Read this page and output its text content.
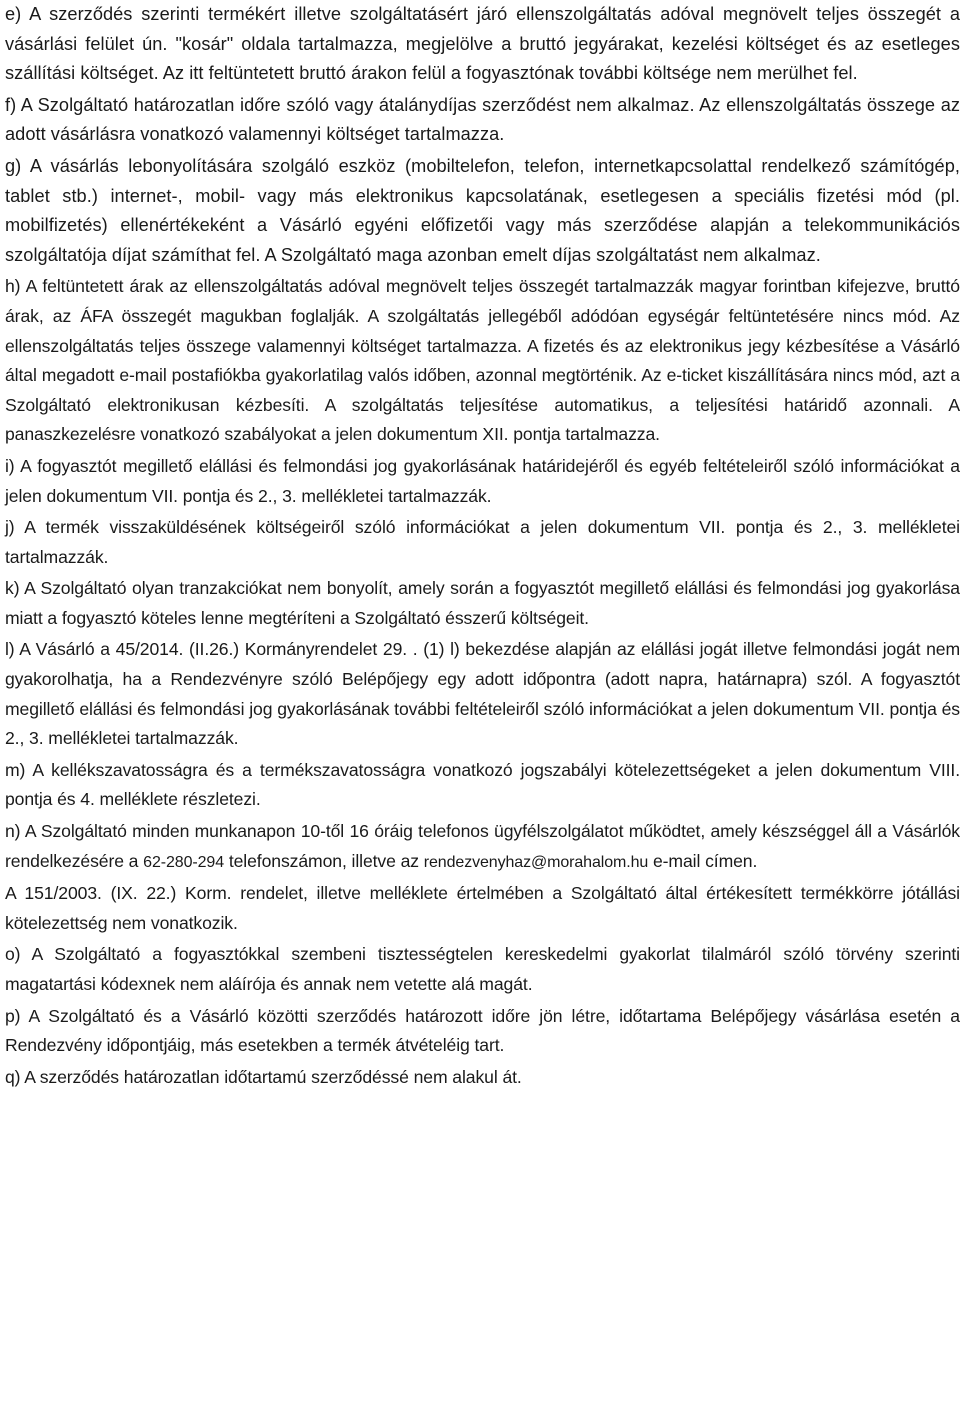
e) A szerződés szerinti termékért illetve szolgáltatásért járó ellenszolgáltatás adóval megnövelt teljes összegét a vásárlási felület ún. "kosár" oldala tartalmazza, megjelölve a bruttó jegyárakat, kezelési költséget és az esetleges szállítási költséget. Az itt feltüntetett bruttó árakon felül a fogyasztónak további költsége nem merülhet fel.

f) A Szolgáltató határozatlan időre szóló vagy átalánydíjas szerződést nem alkalmaz. Az ellenszolgáltatás összege az adott vásárlásra vonatkozó valamennyi költséget tartalmazza.

g) A vásárlás lebonyolítására szolgáló eszköz (mobiltelefon, telefon, internetkapcsolattal rendelkező számítógép, tablet stb.) internet-, mobil- vagy más elektronikus kapcsolatának, esetlegesen a speciális fizetési mód (pl. mobilfizetés) ellenértékeként a Vásárló egyéni előfizetői vagy más szerződése alapján a telekommunikációs szolgáltatója díjat számíthat fel. A Szolgáltató maga azonban emelt díjas szolgáltatást nem alkalmaz.

h) A feltüntetett árak az ellenszolgáltatás adóval megnövelt teljes összegét tartalmazzák magyar forintban kifejezve, bruttó árak, az ÁFA összegét magukban foglalják. A szolgáltatás jellegéből adódóan egységár feltüntetésére nincs mód. Az ellenszolgáltatás teljes összege valamennyi költséget tartalmazza. A fizetés és az elektronikus jegy kézbesítése a Vásárló által megadott e-mail postafiókba gyakorlatilag valós időben, azonnal megtörténik. Az e-ticket kiszállítására nincs mód, azt a Szolgáltató elektronikusan kézbesíti. A szolgáltatás teljesítése automatikus, a teljesítési határidő azonnali. A panaszkezelésre vonatkozó szabályokat a jelen dokumentum XII. pontja tartalmazza.

i) A fogyasztót megillető elállási és felmondási jog gyakorlásának határidejéről és egyéb feltételeiről szóló információkat a jelen dokumentum VII. pontja és 2., 3. mellékletei tartalmazzák.

j) A termék visszaküldésének költségeiről szóló információkat a jelen dokumentum VII. pontja és 2., 3. mellékletei tartalmazzák.

k) A Szolgáltató olyan tranzakciókat nem bonyolít, amely során a fogyasztót megillető elállási és felmondási jog gyakorlása miatt a fogyasztó köteles lenne megtéríteni a Szolgáltató ésszerű költségeit.

l) A Vásárló a 45/2014. (II.26.) Kormányrendelet 29. . (1) l) bekezdése alapján az elállási jogát illetve felmondási jogát nem gyakorolhatja, ha a Rendezvényre szóló Belépőjegy egy adott időpontra (adott napra, határnapra) szól. A fogyasztót megillető elállási és felmondási jog gyakorlásának további feltételeiről szóló információkat a jelen dokumentum VII. pontja és 2., 3. mellékletei tartalmazzák.

m) A kellékszavatosságra és a termékszavatosságra vonatkozó jogszabályi kötelezettségeket a jelen dokumentum VIII. pontja és 4. melléklete részletezi.

n) A Szolgáltató minden munkanapon 10-től 16 óráig telefonos ügyfélszolgálatot működtet, amely készséggel áll a Vásárlók rendelkezésére a 62-280-294 telefonszámon, illetve az rendezvenyhaz@morahalom.hu e-mail címen.

A 151/2003. (IX. 22.) Korm. rendelet, illetve melléklete értelmében a Szolgáltató által értékesített termékkörre jótállási kötelezettség nem vonatkozik.

o) A Szolgáltató a fogyasztókkal szembeni tisztességtelen kereskedelmi gyakorlat tilalmáról szóló törvény szerinti magatartási kódexnek nem aláírója és annak nem vetette alá magát.

p) A Szolgáltató és a Vásárló közötti szerződés határozott időre jön létre, időtartama Belépőjegy vásárlása esetén a Rendezvény időpontjáig, más esetekben a termék átvételéig tart.

q) A szerződés határozatlan időtartamú szerződéssé nem alakul át.
